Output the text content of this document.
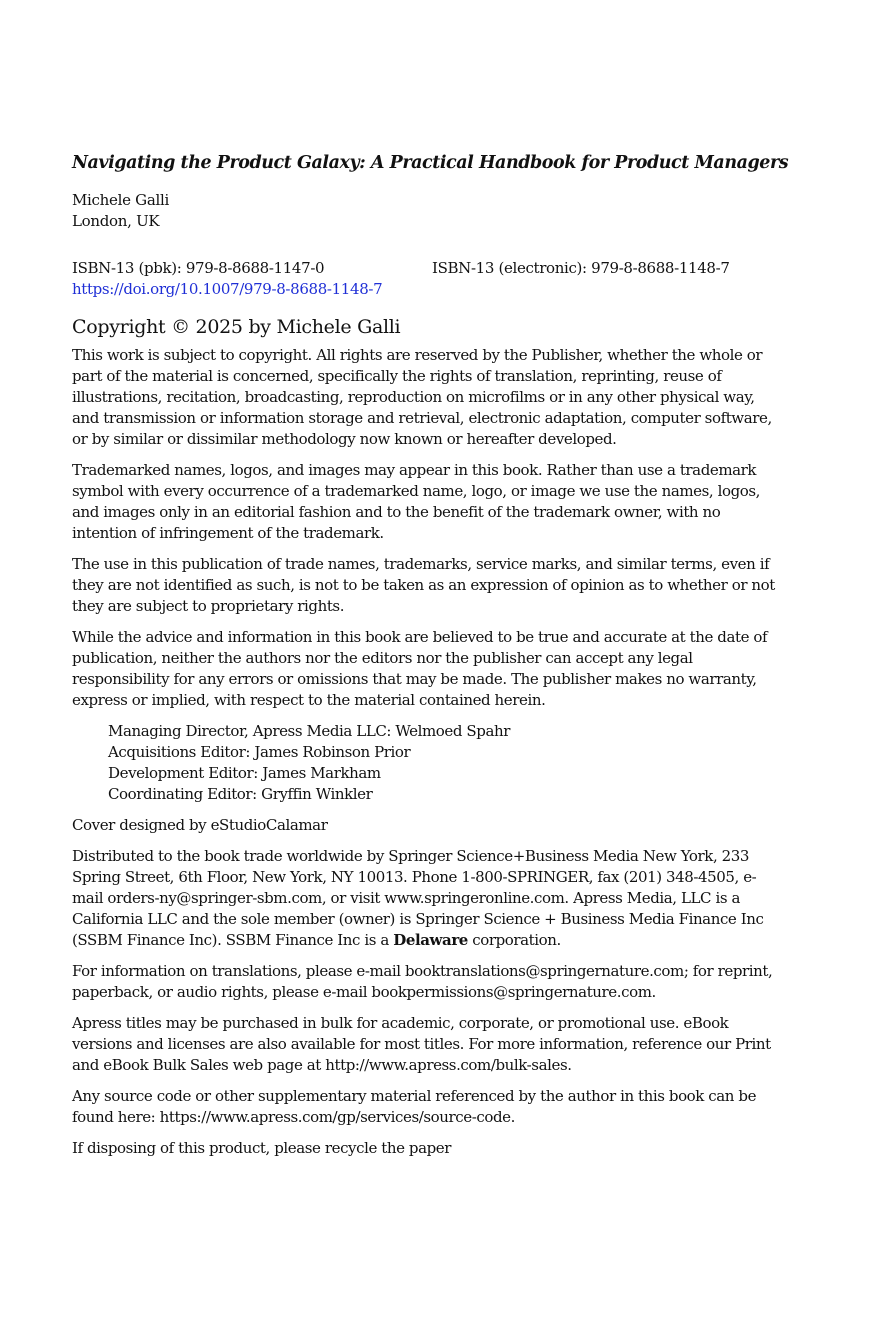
Navigating the Product Galaxy: A Practical Handbook for Product Managers
Michele Galli
London, UK
ISBN-13 (pbk): 979-8-8688-1147-0	ISBN-13 (electronic): 979-8-8688-1148-7
https://doi.org/10.1007/979-8-8688-1148-7
Copyright © 2025 by Michele Galli

This work is subject to copyright. All rights are reserved by the Publisher, whether the whole or part of the material is concerned, specifically the rights of translation, reprinting, reuse of illustrations, recitation, broadcasting, reproduction on microfilms or in any other physical way, and transmission or information storage and retrieval, electronic adaptation, computer software, or by similar or dissimilar methodology now known or hereafter developed.

Trademarked names, logos, and images may appear in this book. Rather than use a trademark symbol with every occurrence of a trademarked name, logo, or image we use the names, logos, and images only in an editorial fashion and to the benefit of the trademark owner, with no intention of infringement of the trademark.

The use in this publication of trade names, trademarks, service marks, and similar terms, even if they are not identified as such, is not to be taken as an expression of opinion as to whether or not they are subject to proprietary rights.

While the advice and information in this book are believed to be true and accurate at the date of publication, neither the authors nor the editors nor the publisher can accept any legal responsibility for any errors or omissions that may be made. The publisher makes no warranty, express or implied, with respect to the material contained herein.

Managing Director, Apress Media LLC: Welmoed Spahr
Acquisitions Editor: James Robinson Prior
Development Editor: James Markham
Coordinating Editor: Gryffin Winkler

Cover designed by eStudioCalamar

Distributed to the book trade worldwide by Springer Science+Business Media New York, 233 Spring Street, 6th Floor, New York, NY 10013. Phone 1-800-SPRINGER, fax (201) 348-4505, e-mail orders-ny@springer-sbm.com, or visit www.springeronline.com. Apress Media, LLC is a California LLC and the sole member (owner) is Springer Science + Business Media Finance Inc (SSBM Finance Inc). SSBM Finance Inc is a Delaware corporation.

For information on translations, please e-mail booktranslations@springernature.com; for reprint, paperback, or audio rights, please e-mail bookpermissions@springernature.com.

Apress titles may be purchased in bulk for academic, corporate, or promotional use. eBook versions and licenses are also available for most titles. For more information, reference our Print and eBook Bulk Sales web page at http://www.apress.com/bulk-sales.

Any source code or other supplementary material referenced by the author in this book can be found here: https://www.apress.com/gp/services/source-code.

If disposing of this product, please recycle the paper
